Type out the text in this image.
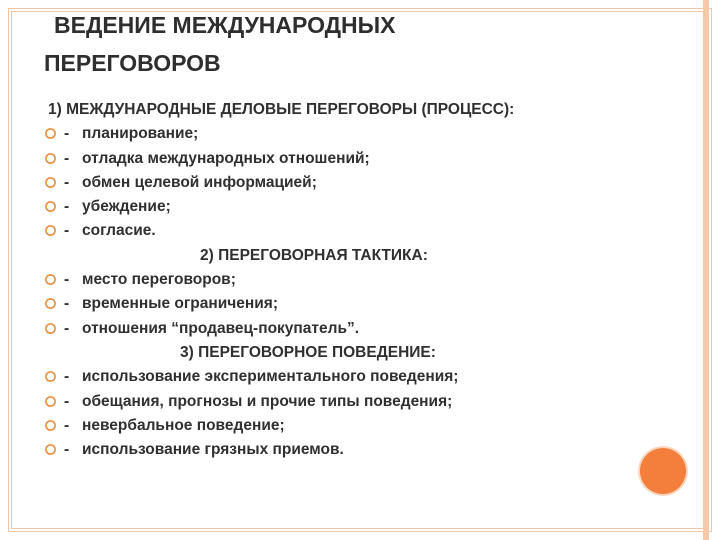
ВЕДЕНИЕ МЕЖДУНАРОДНЫХ
ПЕРЕГОВОРОВ
1) МЕЖДУНАРОДНЫЕ ДЕЛОВЫЕ ПЕРЕГОВОРЫ (ПРОЦЕСС):
- планирование;
- отладка международных отношений;
- обмен целевой информацией;
- убеждение;
- согласие.
2) ПЕРЕГОВОРНАЯ ТАКТИКА:
- место переговоров;
- временные ограничения;
- отношения “продавец-покупатель”.
3) ПЕРЕГОВОРНОЕ ПОВЕДЕНИЕ:
- использование экспериментального поведения;
- обещания, прогнозы и прочие типы поведения;
- невербальное поведение;
- использование грязных приемов.
